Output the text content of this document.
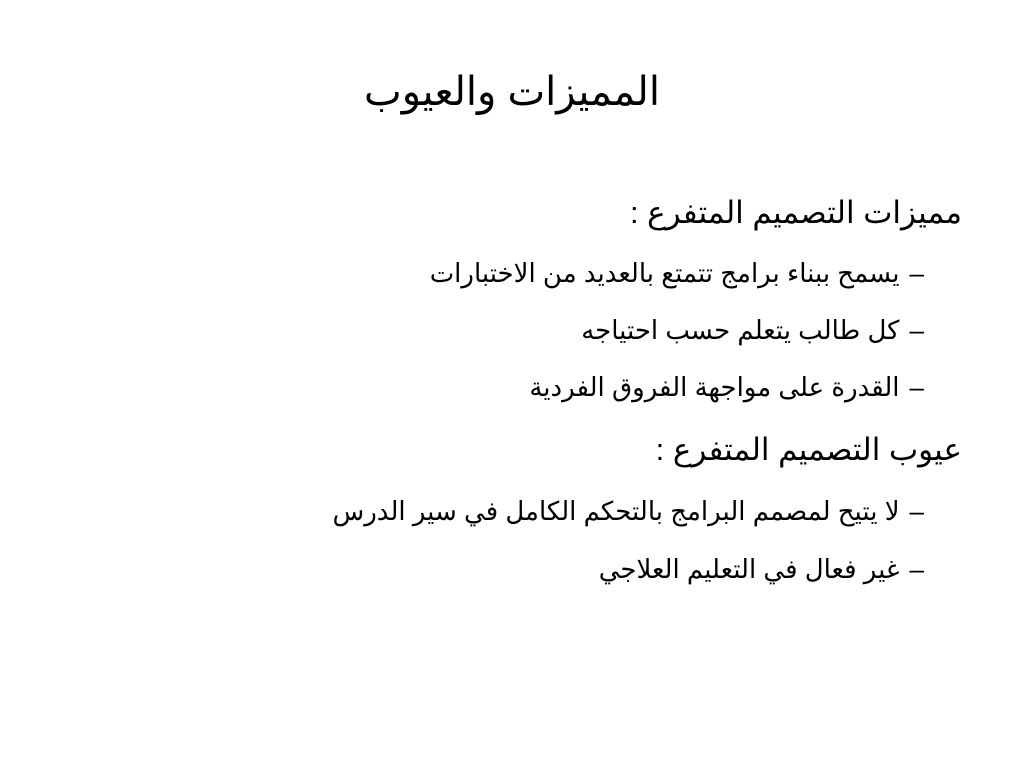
المميزات والعيوب
مميزات التصميم المتفرع :
–يسمح ببناء برامج تتمتع بالعديد من الاختبارات
–كل طالب يتعلم حسب احتياجه
–القدرة على مواجهة الفروق الفردية
عيوب التصميم المتفرع :
–لا يتيح لمصمم البرامج بالتحكم الكامل في سير الدرس
–غير فعال في التعليم العلاجي
